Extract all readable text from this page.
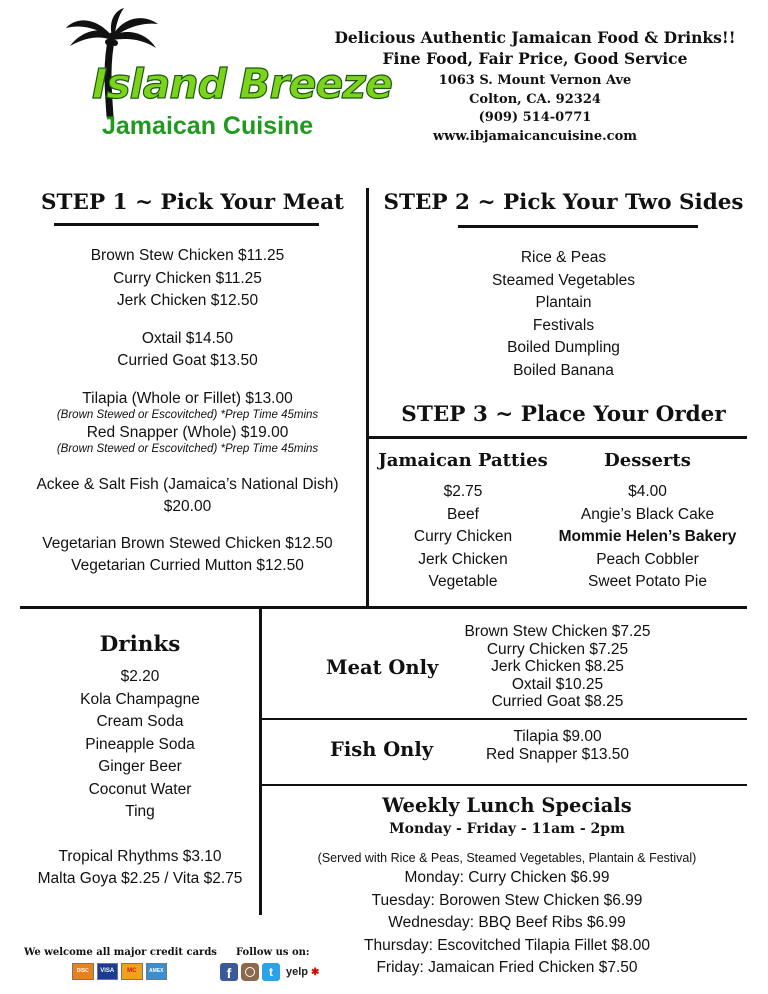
Island Breeze
Jamaican Cuisine
Delicious Authentic Jamaican Food & Drinks!!
Fine Food, Fair Price, Good Service
1063 S. Mount Vernon Ave
Colton, CA. 92324
(909) 514-0771
www.ibjamaicancuisine.com
STEP 1 ~ Pick Your Meat
Brown Stew Chicken $11.25
Curry Chicken $11.25
Jerk Chicken $12.50
Oxtail $14.50
Curried Goat $13.50
Tilapia (Whole or Fillet) $13.00
(Brown Stewed or Escovitched) *Prep Time 45mins
Red Snapper (Whole) $19.00
(Brown Stewed or Escovitched) *Prep Time 45mins
Ackee & Salt Fish (Jamaica’s National Dish)
$20.00
Vegetarian Brown Stewed Chicken $12.50
Vegetarian Curried Mutton $12.50
STEP 2 ~ Pick Your Two Sides
Rice & Peas
Steamed Vegetables
Plantain
Festivals
Boiled Dumpling
Boiled Banana
STEP 3 ~ Place Your Order
Jamaican Patties
$2.75
Beef
Curry Chicken
Jerk Chicken
Vegetable
Desserts
$4.00
Angie’s Black Cake
Mommie Helen’s Bakery
Peach Cobbler
Sweet Potato Pie
Drinks
$2.20
Kola Champagne
Cream Soda
Pineapple Soda
Ginger Beer
Coconut Water
Ting
Tropical Rhythms $3.10
Malta Goya $2.25 / Vita $2.75
Meat Only
Brown Stew Chicken $7.25
Curry Chicken $7.25
Jerk Chicken $8.25
Oxtail $10.25
Curried Goat $8.25
Fish Only
Tilapia $9.00
Red Snapper $13.50
Weekly Lunch Specials
Monday - Friday - 11am - 2pm
(Served with Rice & Peas, Steamed Vegetables, Plantain & Festival)
Monday: Curry Chicken $6.99
Tuesday: Borowen Stew Chicken $6.99
Wednesday: BBQ Beef Ribs $6.99
Thursday: Escovitched Tilapia Fillet $8.00
Friday: Jamaican Fried Chicken $7.50
We welcome all major credit cards
DISC	VISA	MC	AMEX
Follow us on:
f	t	yelp ✱
